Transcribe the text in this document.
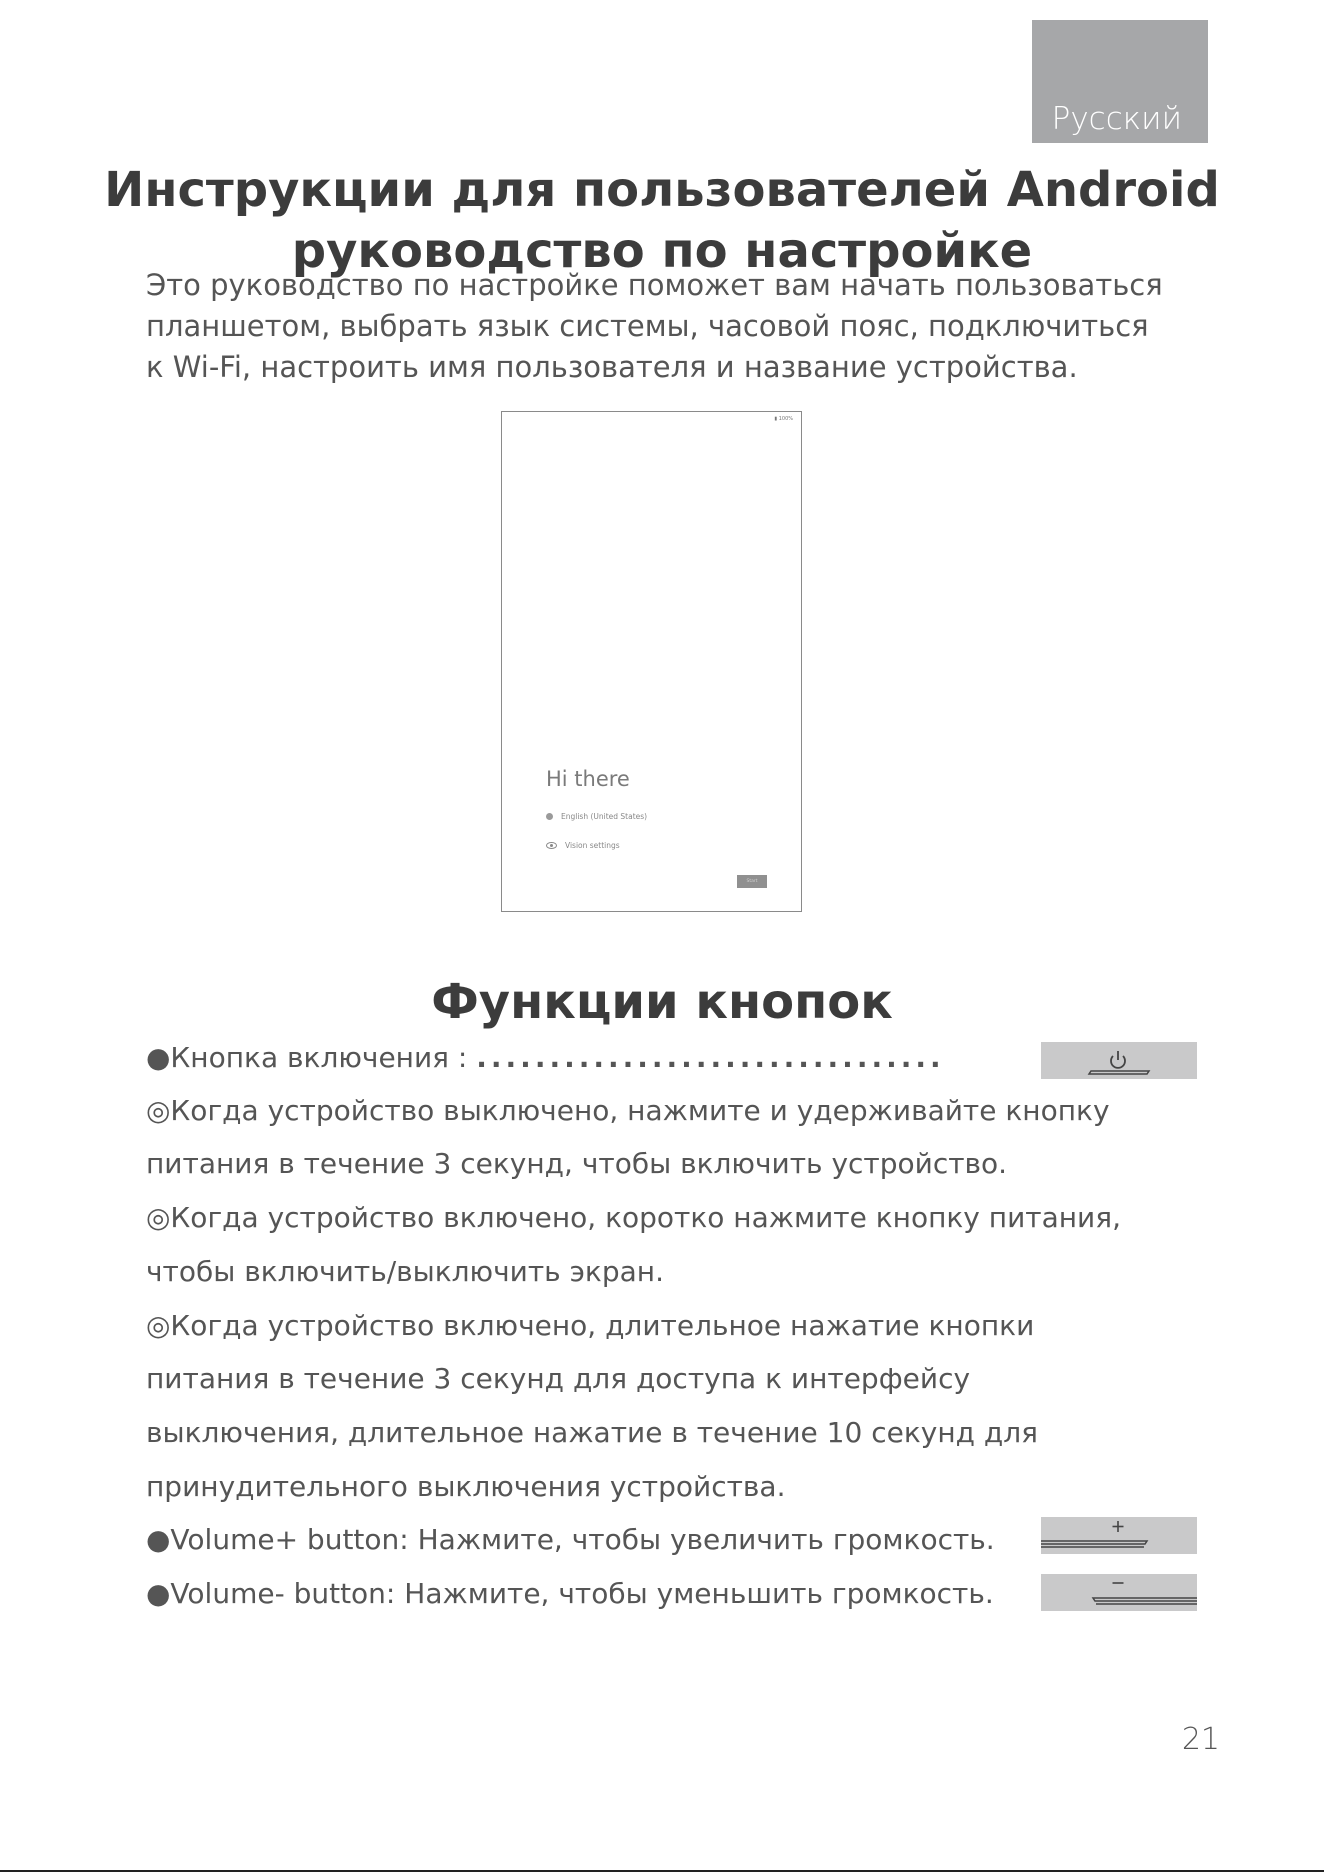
Русский
Инструкции для пользователей Android
руководство по настройке

Это руководство по настройке поможет вам начать пользоваться
планшетом, выбрать язык системы, часовой пояс, подключиться
к Wi-Fi, настроить имя пользователя и название устройства.

▮ 100%
Hi there
English (United States)
Vision settings
Start
Функции кнопок
●Кнопка включения : ................................
◎Когда устройство выключено, нажмите и удерживайте кнопку
питания в течение 3 секунд, чтобы включить устройство.
◎Когда устройство включено, коротко нажмите кнопку питания,
чтобы включить/выключить экран.
◎Когда устройство включено, длительное нажатие кнопки
питания в течение 3 секунд для доступа к интерфейсу
выключения, длительное нажатие в течение 10 секунд для
принудительного выключения устройства.
●Volume+ button: Нажмите, чтобы увеличить громкость.
●Volume- button: Нажмите, чтобы уменьшить громкость.
21
